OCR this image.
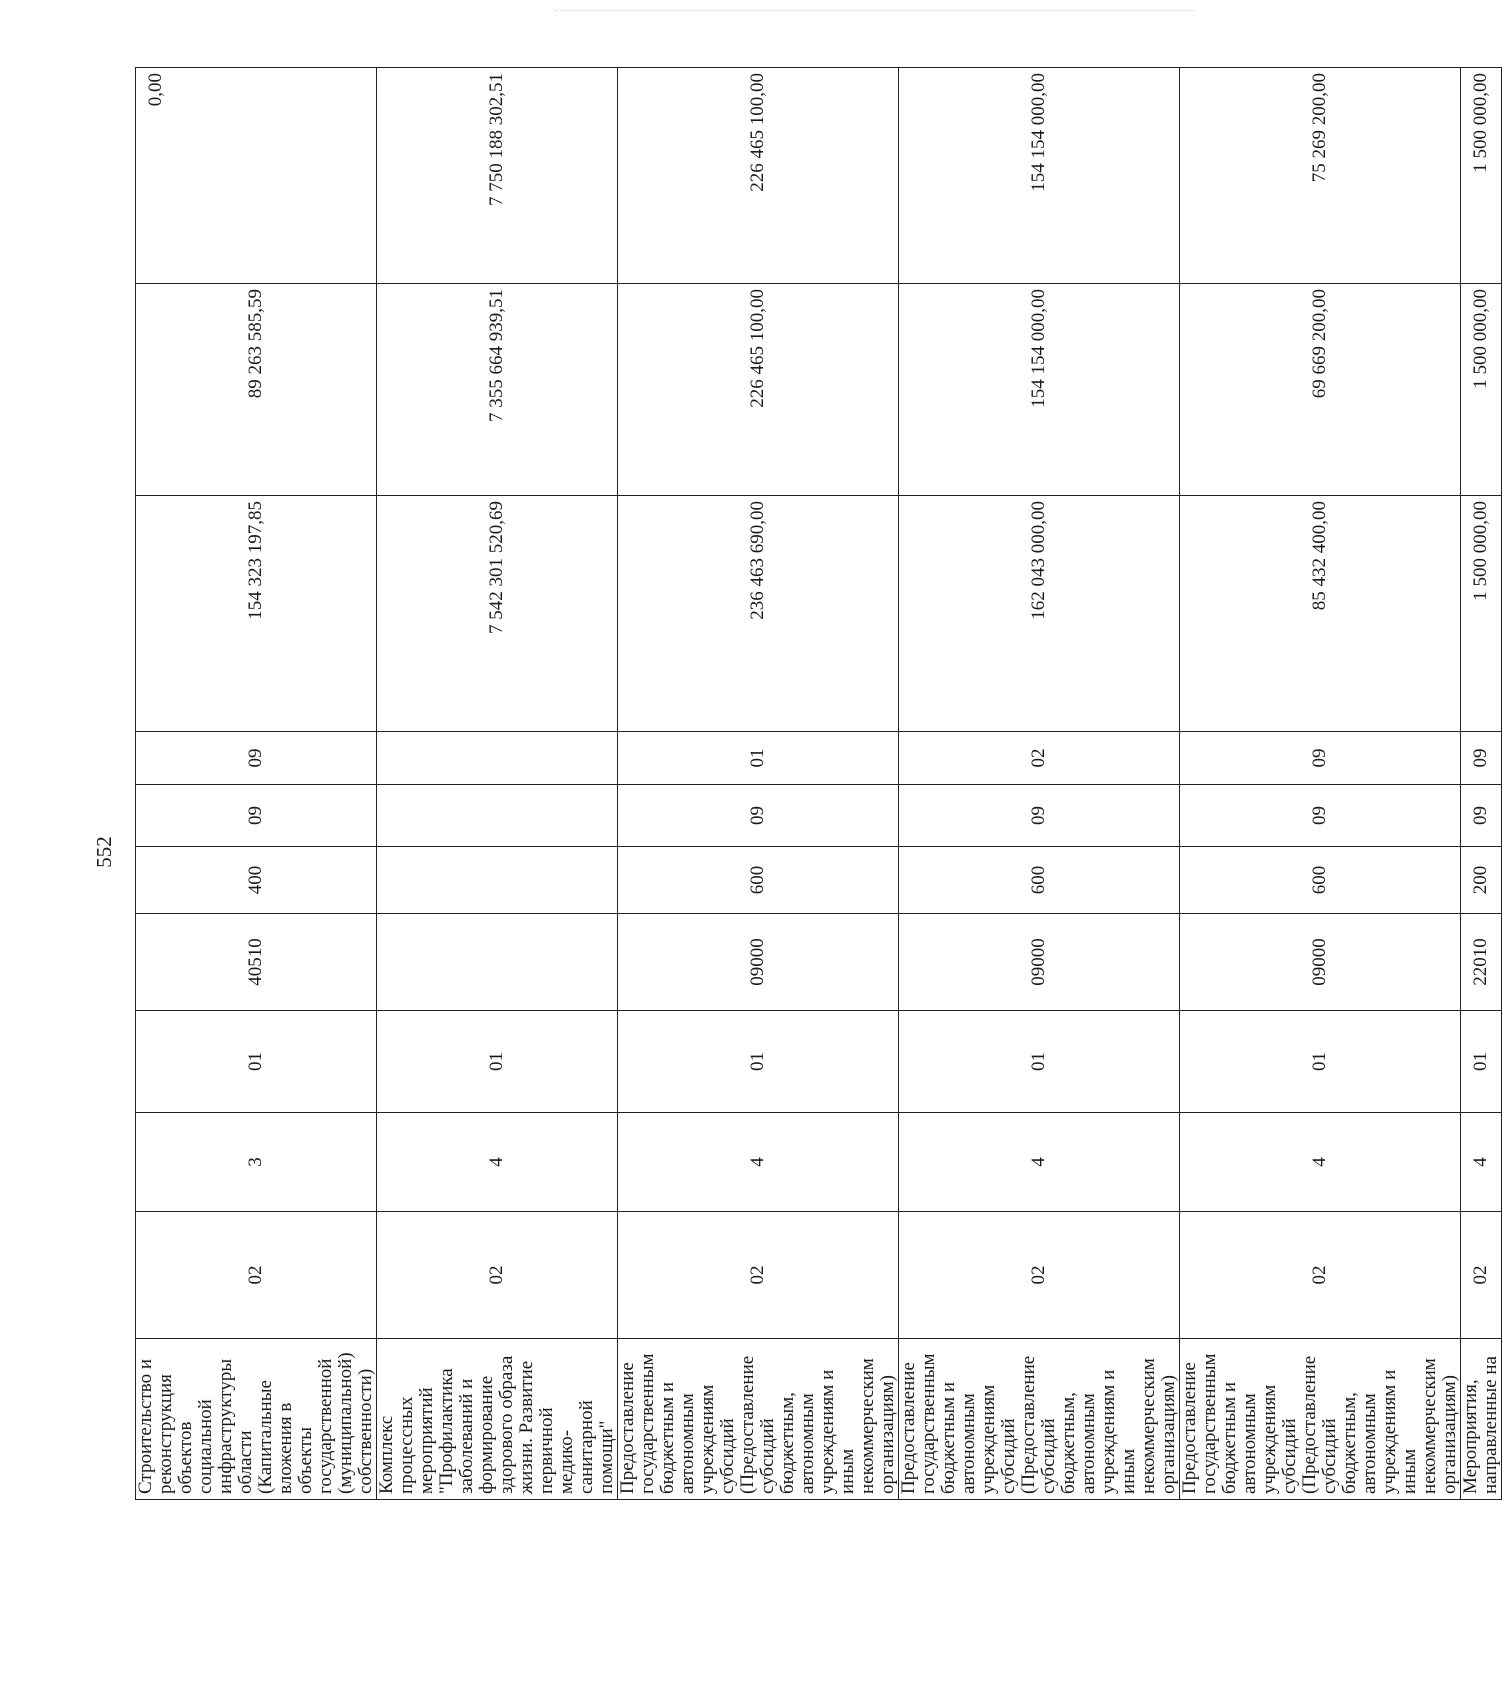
552
Строительство и реконструкция объектов социальной инфраструктуры области (Капитальные вложения в объекты государственной (муниципальной) собственности)	02	3	01	40510	400	09	09	154 323 197,85	89 263 585,59	0,00
Комплекс процессных мероприятий "Профилактика заболеваний и формирование здорового образа жизни. Развитие первичной медико-санитарной помощи"	02	4	01					7 542 301 520,69	7 355 664 939,51	7 750 188 302,51
Предоставление государственным бюджетным и автономным учреждениям субсидий (Предоставление субсидий бюджетным, автономным учреждениям и иным некоммерческим организациям)	02	4	01	09000	600	09	01	236 463 690,00	226 465 100,00	226 465 100,00
Предоставление государственным бюджетным и автономным учреждениям субсидий (Предоставление субсидий бюджетным, автономным учреждениям и иным некоммерческим организациям)	02	4	01	09000	600	09	02	162 043 000,00	154 154 000,00	154 154 000,00
Предоставление государственным бюджетным и автономным учреждениям субсидий (Предоставление субсидий бюджетным, автономным учреждениям и иным некоммерческим организациям)	02	4	01	09000	600	09	09	85 432 400,00	69 669 200,00	75 269 200,00
Мероприятия, направленные на	02	4	01	22010	200	09	09	1 500 000,00	1 500 000,00	1 500 000,00
